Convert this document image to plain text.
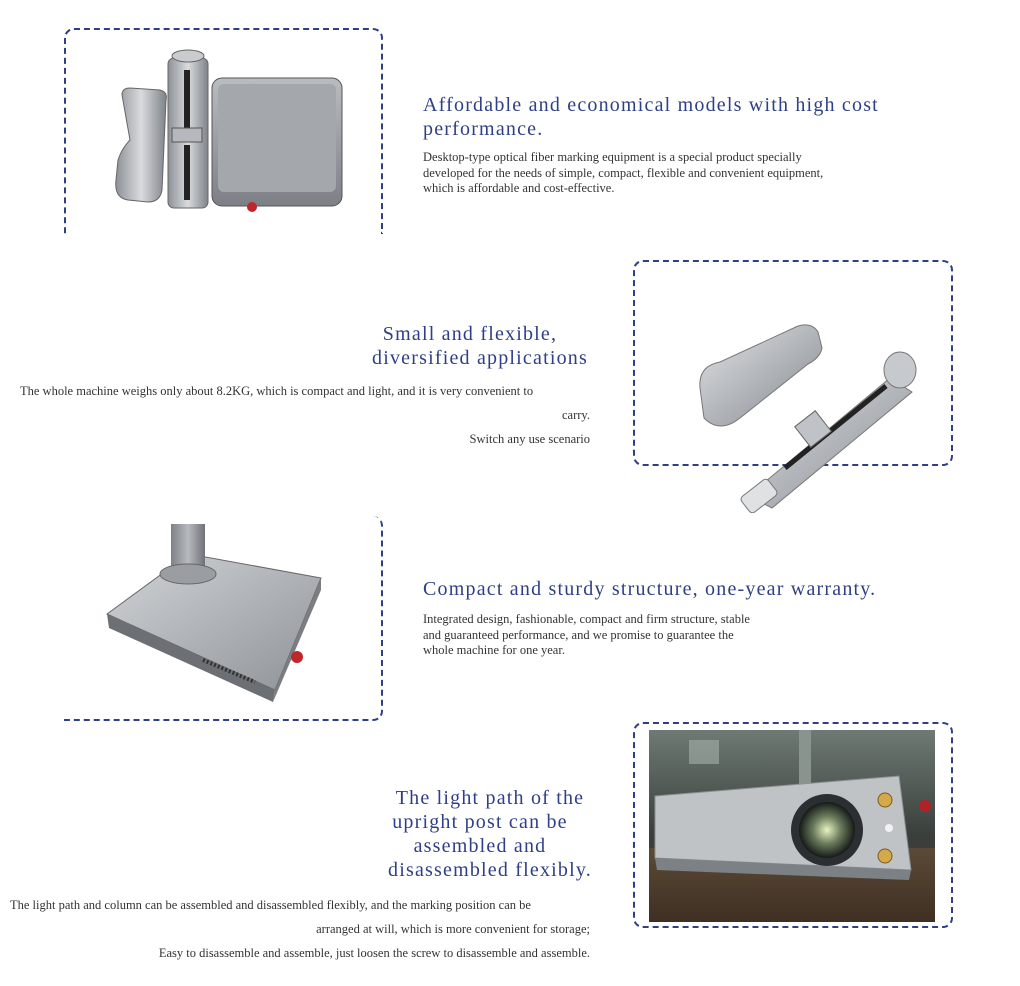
Affordable and economical models with high cost performance.
Desktop-type optical fiber marking equipment is a special product specially developed for the needs of simple, compact, flexible and convenient equipment, which is affordable and cost-effective.
Small and flexible,
diversified applications
The whole machine weighs only about 8.2KG, which is compact and light, and it is very convenient to
carry.
Switch any use scenario
Compact and sturdy structure, one-year warranty.
Integrated design, fashionable, compact and firm structure, stable and guaranteed performance, and we promise to guarantee the whole machine for one year.
The light path of the
upright post can be
assembled and
disassembled flexibly.
The light path and column can be assembled and disassembled flexibly, and the marking position can be
arranged at will, which is more convenient for storage;
Easy to disassemble and assemble, just loosen the screw to disassemble and assemble.
